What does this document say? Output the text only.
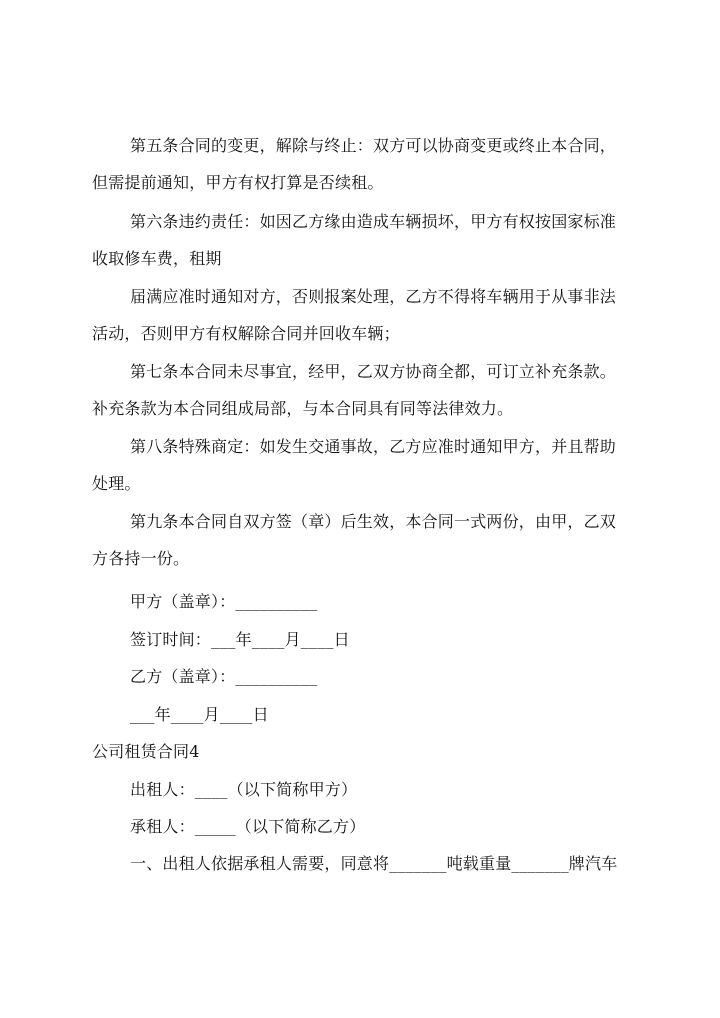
第五条合同的变更，解除与终止：双方可以协商变更或终止本合同，
但需提前通知，甲方有权打算是否续租。
第六条违约责任：如因乙方缘由造成车辆损坏，甲方有权按国家标准
收取修车费，租期
届满应准时通知对方，否则报案处理，乙方不得将车辆用于从事非法
活动，否则甲方有权解除合同并回收车辆；
第七条本合同未尽事宜，经甲，乙双方协商全都，可订立补充条款。
补充条款为本合同组成局部，与本合同具有同等法律效力。
第八条特殊商定：如发生交通事故，乙方应准时通知甲方，并且帮助
处理。
第九条本合同自双方签（章）后生效，本合同一式两份，由甲，乙双
方各持一份。
甲方（盖章）：__________
签订时间：___年____月____日
乙方（盖章）：__________
___年____月____日
公司租赁合同4
出租人：____（以下简称甲方）
承租人：_____（以下简称乙方）
一、出租人依据承租人需要，同意将_______吨载重量_______牌汽车
